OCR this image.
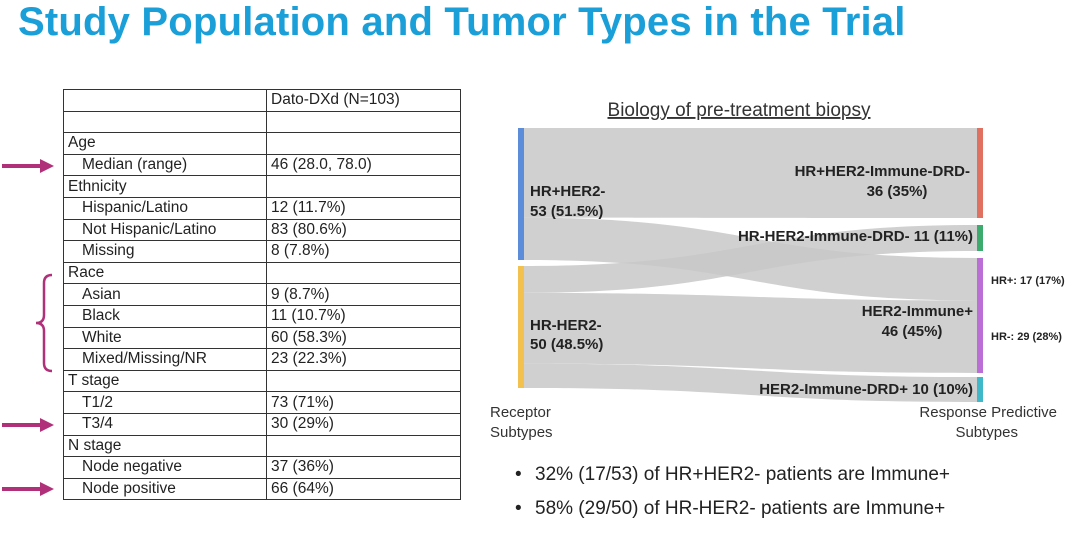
Study Population and Tumor Types in the Trial
	Dato-DXd (N=103)

Age	
Median (range)	46 (28.0, 78.0)
Ethnicity	
Hispanic/Latino	12 (11.7%)
Not Hispanic/Latino	83 (80.6%)
Missing	8 (7.8%)
Race	
Asian	9 (8.7%)
Black	11 (10.7%)
White	60 (58.3%)
Mixed/Missing/NR	23 (22.3%)
T stage	
T1/2	73 (71%)
T3/4	30 (29%)
N stage	
Node negative	37 (36%)
Node positive	66 (64%)
Biology of pre-treatment biopsy
HR+HER2-
53 (51.5%)
HR-HER2-
50 (48.5%)
HR+HER2-Immune-DRD-
36 (35%)
HR-HER2-Immune-DRD- 11 (11%)
HER2-Immune+
46 (45%)
HER2-Immune-DRD+ 10 (10%)
HR+: 17 (17%)
HR-: 29 (28%)
Receptor
Subtypes
Response Predictive
Subtypes
• 32% (17/53) of HR+HER2- patients are Immune+
• 58% (29/50) of HR-HER2- patients are Immune+
